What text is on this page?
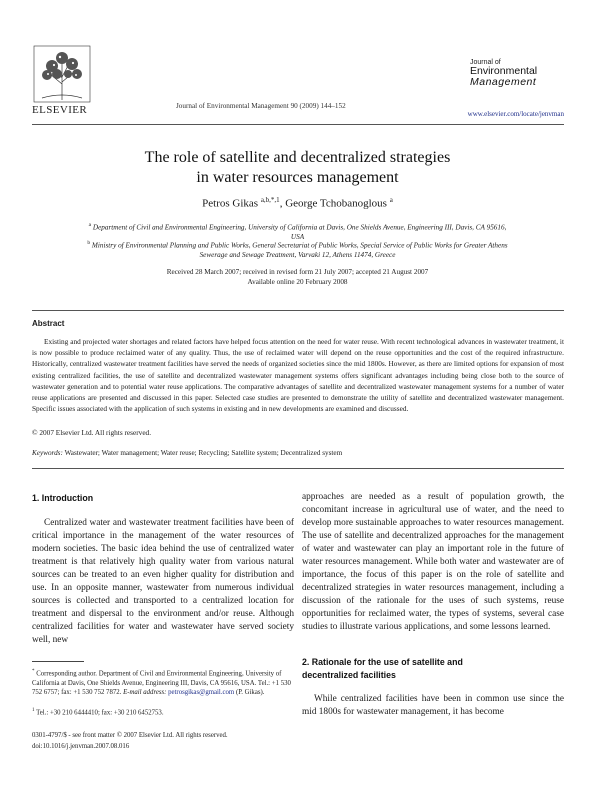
ELSEVIER	Journal of Environmental Management 90 (2009) 144–152
Journal of
Environmental
Management
www.elsevier.com/locate/jenvman
The role of satellite and decentralized strategies
in water resources management
Petros Gikas $^{a,b,*,1}$, George Tchobanoglous $^a$
$^a$ Department of Civil and Environmental Engineering, University of California at Davis, One Shields Avenue, Engineering III, Davis, CA 95616, USA
$^b$ Ministry of Environmental Planning and Public Works, General Secretariat of Public Works, Special Service of Public Works for Greater Athens Sewerage and Sewage Treatment, Varvaki 12, Athens 11474, Greece
Received 28 March 2007; received in revised form 21 July 2007; accepted 21 August 2007
Available online 20 February 2008
Abstract
Existing and projected water shortages and related factors have helped focus attention on the need for water reuse. With recent technological advances in wastewater treatment, it is now possible to produce reclaimed water of any quality. Thus, the use of reclaimed water will depend on the reuse opportunities and the cost of the required infrastructure. Historically, centralized wastewater treatment facilities have served the needs of organized societies since the mid 1800s. However, as there are limited options for expansion of most existing centralized facilities, the use of satellite and decentralized wastewater management systems offers significant advantages including being close both to the source of wastewater generation and to potential water reuse applications. The comparative advantages of satellite and decentralized wastewater management systems for a number of water reuse applications are presented and discussed in this paper. Selected case studies are presented to demonstrate the utility of satellite and decentralized wastewater management. Specific issues associated with the application of such systems in existing and in new developments are examined and discussed.
© 2007 Elsevier Ltd. All rights reserved.
Keywords: Wastewater; Water management; Water reuse; Recycling; Satellite system; Decentralized system
1. Introduction
Centralized water and wastewater treatment facilities have been of critical importance in the management of the water resources of modern societies. The basic idea behind the use of centralized water treatment is that relatively high quality water from various natural sources can be treated to an even higher quality for distribution and use. In an opposite manner, wastewater from numerous individual sources is collected and transported to a centralized location for treatment and dispersal to the environment and/or reuse. Although centralized facilities for water and wastewater have served society well, new
* Corresponding author. Department of Civil and Environmental Engineering, University of California at Davis, One Shields Avenue, Engineering III, Davis, CA 95616, USA. Tel.: +1 530 752 6757; fax: +1 530 752 7872. E-mail address: petrosgikas@gmail.com (P. Gikas).
$^1$ Tel.: +30 210 6444410; fax: +30 210 6452753.
0301-4797/$ - see front matter © 2007 Elsevier Ltd. All rights reserved.
doi:10.1016/j.jenvman.2007.08.016
approaches are needed as a result of population growth, the concomitant increase in agricultural use of water, and the need to develop more sustainable approaches to water resources management. The use of satellite and decentralized approaches for the management of water and wastewater can play an important role in the future of water resources management. While both water and wastewater are of importance, the focus of this paper is on the role of satellite and decentralized strategies in water resources management, including a discussion of the rationale for the uses of such systems, reuse opportunities for reclaimed water, the types of systems, several case studies to illustrate various applications, and some lessons learned.
2. Rationale for the use of satellite and
decentralized facilities
While centralized facilities have been in common use since the mid 1800s for wastewater management, it has become
